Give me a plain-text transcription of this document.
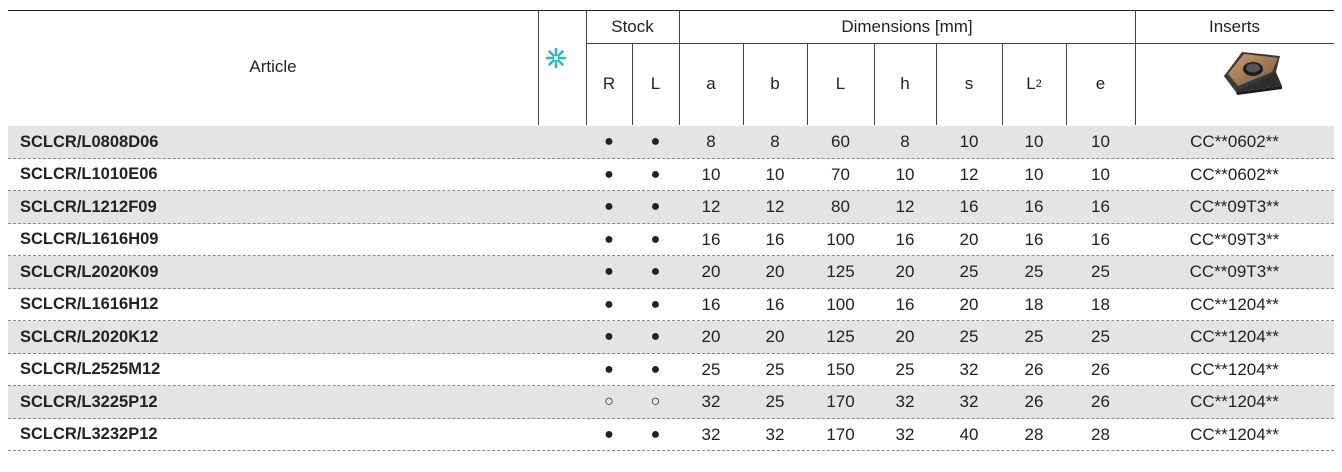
Article
Stock
R	L
Dimensions [mm]
a	b	L	h	s	L 2	e
Inserts
SCLCR/L0808D06	●	●	8	8	60	8	10	10	10	CC**0602**
SCLCR/L1010E06	●	●	10	10	70	10	12	10	10	CC**0602**
SCLCR/L1212F09	●	●	12	12	80	12	16	16	16	CC**09T3**
SCLCR/L1616H09	●	●	16	16	100	16	20	16	16	CC**09T3**
SCLCR/L2020K09	●	●	20	20	125	20	25	25	25	CC**09T3**
SCLCR/L1616H12	●	●	16	16	100	16	20	18	18	CC**1204**
SCLCR/L2020K12	●	●	20	20	125	20	25	25	25	CC**1204**
SCLCR/L2525M12	●	●	25	25	150	25	32	26	26	CC**1204**
SCLCR/L3225P12	○	○	32	25	170	32	32	26	26	CC**1204**
SCLCR/L3232P12	●	●	32	32	170	32	40	28	28	CC**1204**
